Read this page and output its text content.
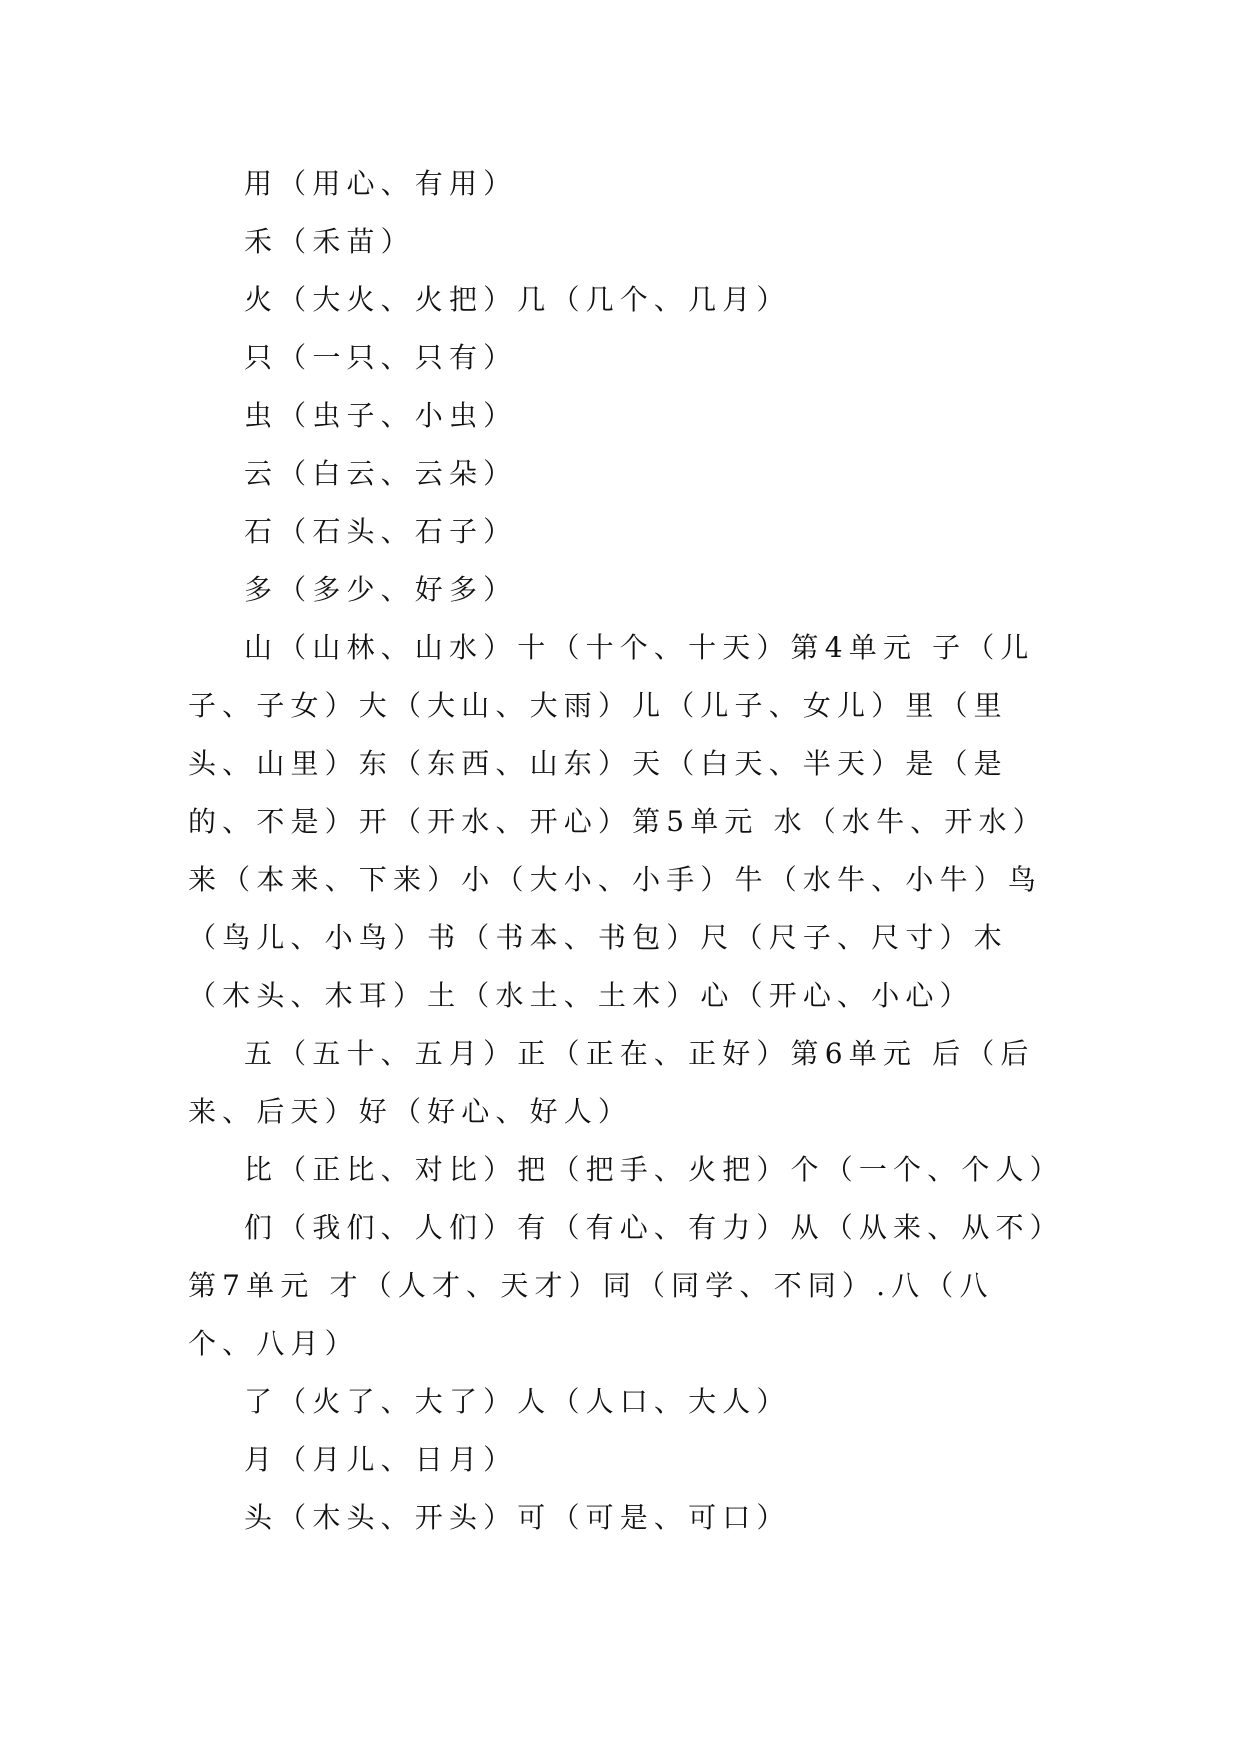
用（用心、有用）

禾（禾苗）

火（大火、火把）几（几个、几月）

只（一只、只有）

虫（虫子、小虫）

云（白云、云朵）

石（石头、石子）

多（多少、好多）

山（山林、山水）十（十个、十天）第4单元 子（儿子、子女）大（大山、大雨）儿（儿子、女儿）里（里头、山里）东（东西、山东）天（白天、半天）是（是的、不是）开（开水、开心）第5单元 水（水牛、开水）来（本来、下来）小（大小、小手）牛（水牛、小牛）鸟（鸟儿、小鸟）书（书本、书包）尺（尺子、尺寸）木（木头、木耳）土（水土、土木）心（开心、小心）

五（五十、五月）正（正在、正好）第6单元 后（后来、后天）好（好心、好人）

比（正比、对比）把（把手、火把）个（一个、个人）

们（我们、人们）有（有心、有力）从（从来、从不）第7单元 才（人才、天才）同（同学、不同）.八（八个、八月）

了（火了、大了）人（人口、大人）

月（月儿、日月）

头（木头、开头）可（可是、可口）
